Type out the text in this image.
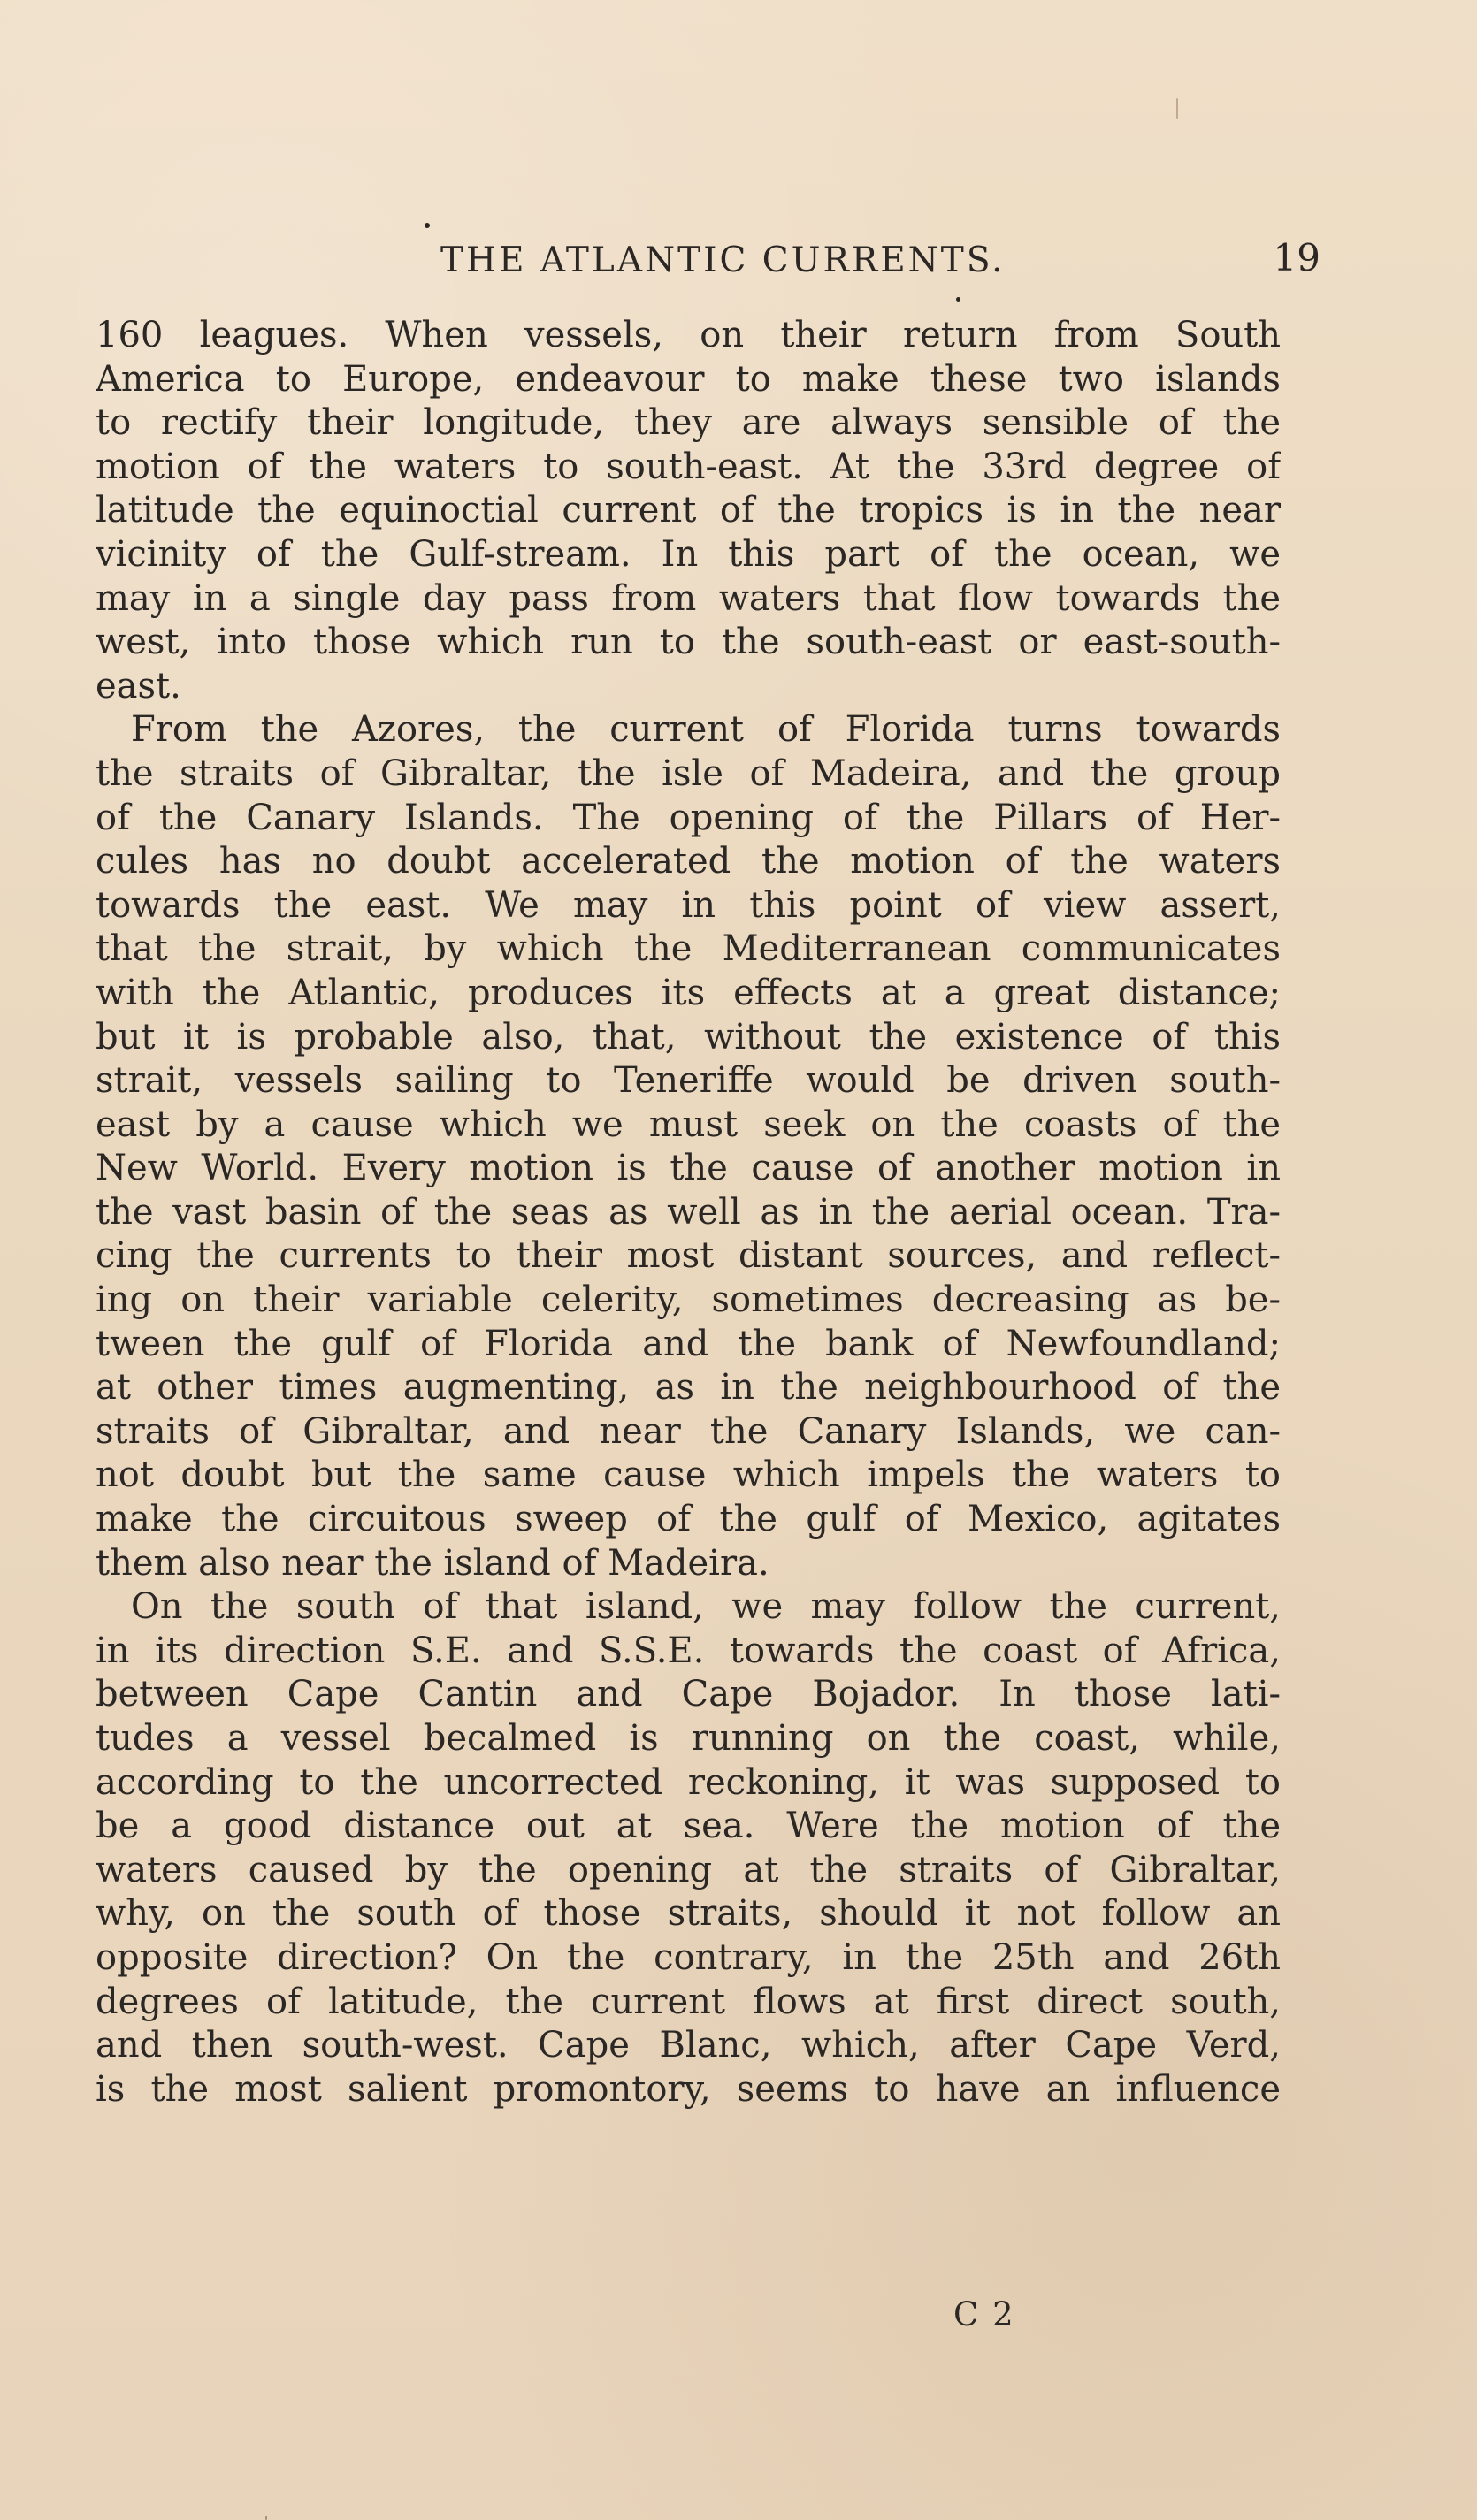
THE ATLANTIC CURRENTS.	19
160 leagues. When vessels, on their return from South
America to Europe, endeavour to make these two islands
to rectify their longitude, they are always sensible of the
motion of the waters to south-east. At the 33rd degree of
latitude the equinoctial current of the tropics is in the near
vicinity of the Gulf-stream. In this part of the ocean, we
may in a single day pass from waters that flow towards the
west, into those which run to the south-east or east-south-
east.
From the Azores, the current of Florida turns towards
the straits of Gibraltar, the isle of Madeira, and the group
of the Canary Islands. The opening of the Pillars of Her-
cules has no doubt accelerated the motion of the waters
towards the east. We may in this point of view assert,
that the strait, by which the Mediterranean communicates
with the Atlantic, produces its effects at a great distance;
but it is probable also, that, without the existence of this
strait, vessels sailing to Teneriffe would be driven south-
east by a cause which we must seek on the coasts of the
New World. Every motion is the cause of another motion in
the vast basin of the seas as well as in the aerial ocean. Tra-
cing the currents to their most distant sources, and reflect-
ing on their variable celerity, sometimes decreasing as be-
tween the gulf of Florida and the bank of Newfoundland;
at other times augmenting, as in the neighbourhood of the
straits of Gibraltar, and near the Canary Islands, we can-
not doubt but the same cause which impels the waters to
make the circuitous sweep of the gulf of Mexico, agitates
them also near the island of Madeira.
On the south of that island, we may follow the current,
in its direction S.E. and S.S.E. towards the coast of Africa,
between Cape Cantin and Cape Bojador. In those lati-
tudes a vessel becalmed is running on the coast, while,
according to the uncorrected reckoning, it was supposed to
be a good distance out at sea. Were the motion of the
waters caused by the opening at the straits of Gibraltar,
why, on the south of those straits, should it not follow an
opposite direction? On the contrary, in the 25th and 26th
degrees of latitude, the current flows at first direct south,
and then south-west. Cape Blanc, which, after Cape Verd,
is the most salient promontory, seems to have an influence
C 2
